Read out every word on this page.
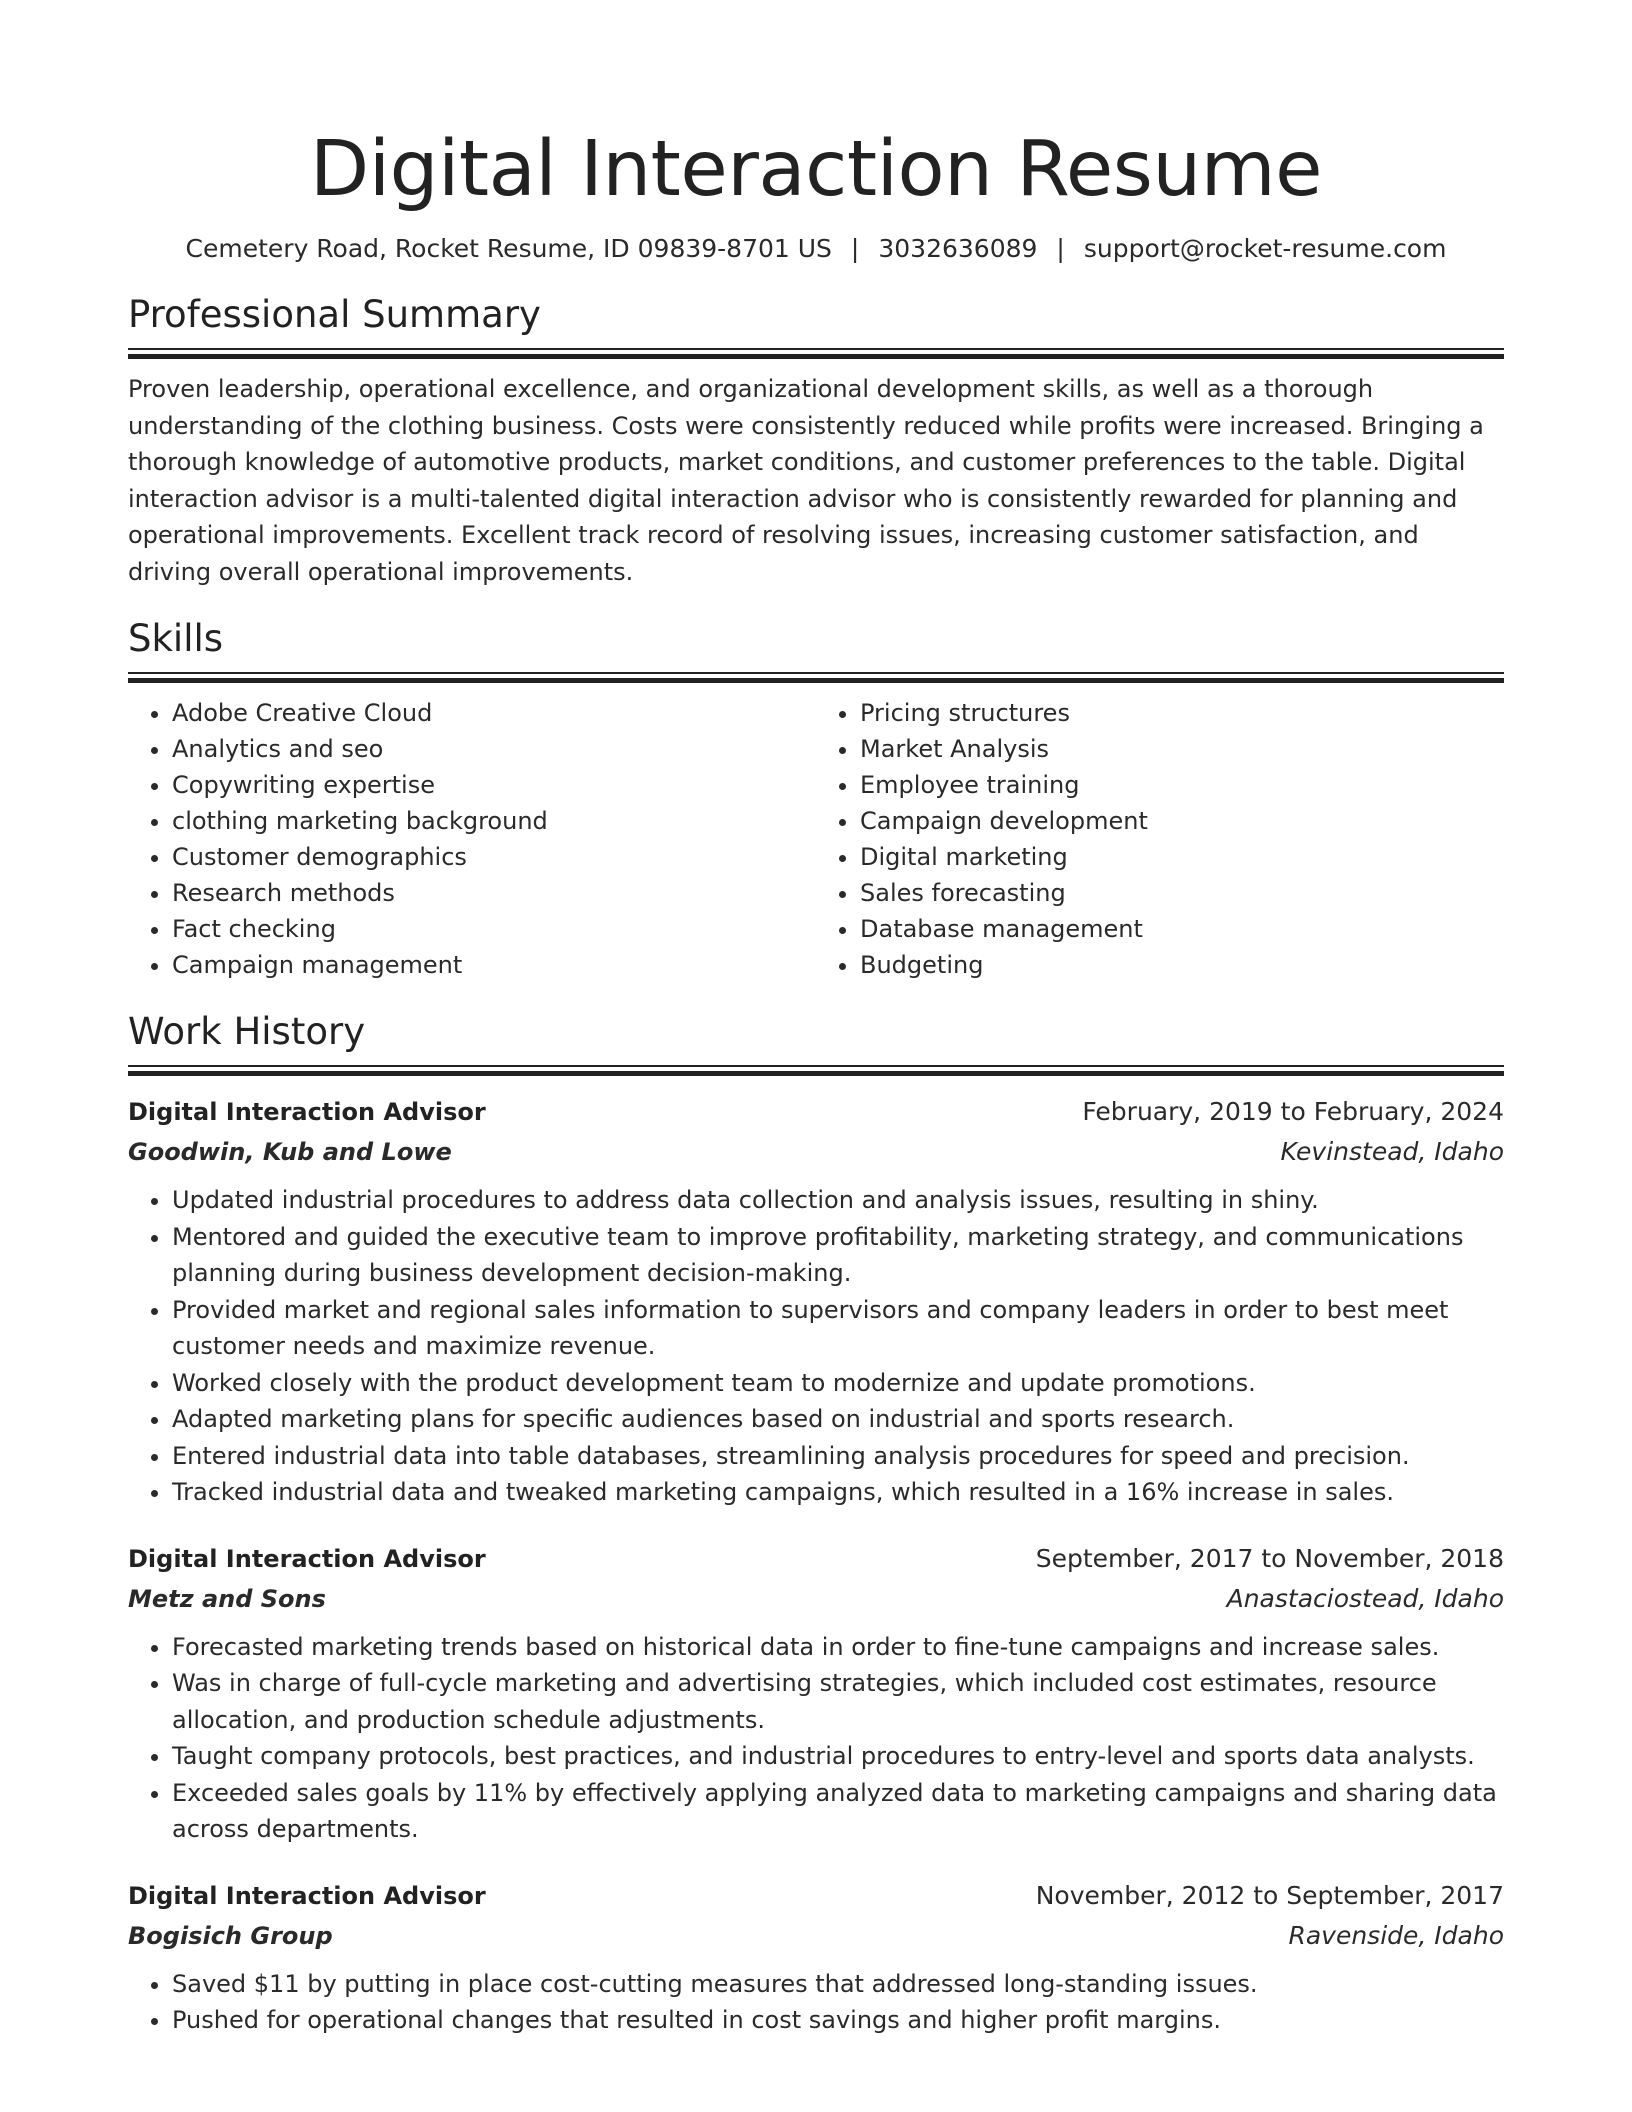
Digital Interaction Resume
Cemetery Road, Rocket Resume, ID 09839-8701 US | 3032636089 | support@rocket-resume.com
Professional Summary
Proven leadership, operational excellence, and organizational development skills, as well as a thorough understanding of the clothing business. Costs were consistently reduced while profits were increased. Bringing a thorough knowledge of automotive products, market conditions, and customer preferences to the table. Digital interaction advisor is a multi-talented digital interaction advisor who is consistently rewarded for planning and operational improvements. Excellent track record of resolving issues, increasing customer satisfaction, and driving overall operational improvements.
Skills
• Adobe Creative Cloud
• Analytics and seo
• Copywriting expertise
• clothing marketing background
• Customer demographics
• Research methods
• Fact checking
• Campaign management
• Pricing structures
• Market Analysis
• Employee training
• Campaign development
• Digital marketing
• Sales forecasting
• Database management
• Budgeting
Work History
Digital Interaction Advisor	February, 2019 to February, 2024
Goodwin, Kub and Lowe	Kevinstead, Idaho
• Updated industrial procedures to address data collection and analysis issues, resulting in shiny.
• Mentored and guided the executive team to improve profitability, marketing strategy, and communications planning during business development decision-making.
• Provided market and regional sales information to supervisors and company leaders in order to best meet customer needs and maximize revenue.
• Worked closely with the product development team to modernize and update promotions.
• Adapted marketing plans for specific audiences based on industrial and sports research.
• Entered industrial data into table databases, streamlining analysis procedures for speed and precision.
• Tracked industrial data and tweaked marketing campaigns, which resulted in a 16% increase in sales.
Digital Interaction Advisor	September, 2017 to November, 2018
Metz and Sons	Anastaciostead, Idaho
• Forecasted marketing trends based on historical data in order to fine-tune campaigns and increase sales.
• Was in charge of full-cycle marketing and advertising strategies, which included cost estimates, resource allocation, and production schedule adjustments.
• Taught company protocols, best practices, and industrial procedures to entry-level and sports data analysts.
• Exceeded sales goals by 11% by effectively applying analyzed data to marketing campaigns and sharing data across departments.
Digital Interaction Advisor	November, 2012 to September, 2017
Bogisich Group	Ravenside, Idaho
• Saved $11 by putting in place cost-cutting measures that addressed long-standing issues.
• Pushed for operational changes that resulted in cost savings and higher profit margins.
